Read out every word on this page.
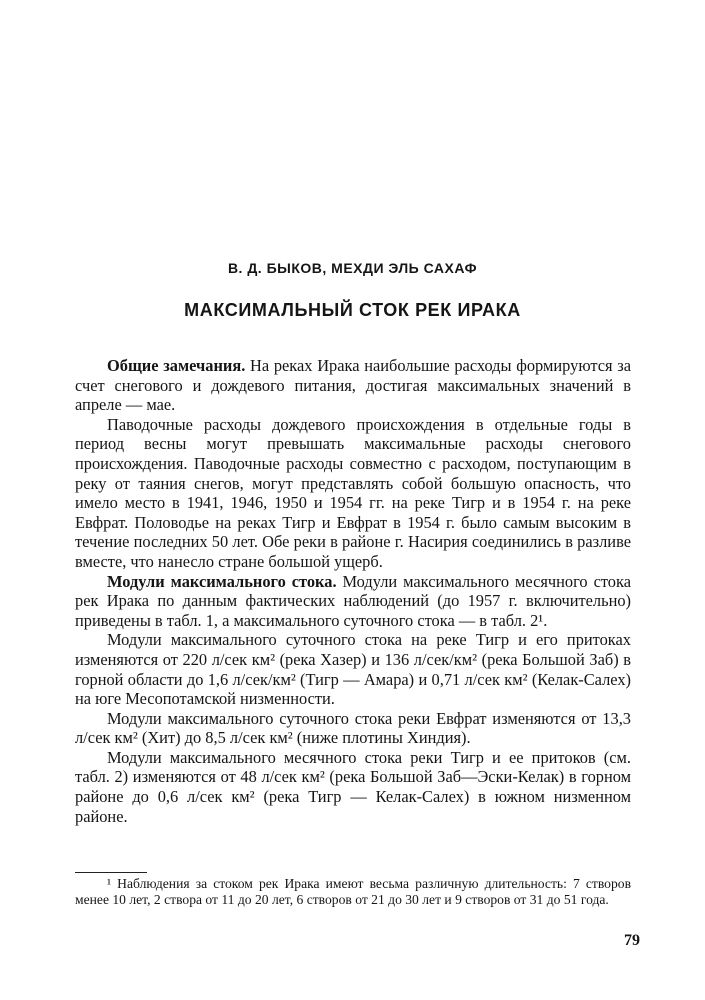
В. Д. БЫКОВ, МЕХДИ ЭЛЬ САХАФ
МАКСИМАЛЬНЫЙ СТОК РЕК ИРАКА

Общие замечания. На реках Ирака наибольшие расходы формируются за счет снегового и дождевого питания, достигая максимальных значений в апреле — мае.

Паводочные расходы дождевого происхождения в отдельные годы в период весны могут превышать максимальные расходы снегового происхождения. Паводочные расходы совместно с расходом, поступающим в реку от таяния снегов, могут представлять собой большую опасность, что имело место в 1941, 1946, 1950 и 1954 гг. на реке Тигр и в 1954 г. на реке Евфрат. Половодье на реках Тигр и Евфрат в 1954 г. было самым высоким в течение последних 50 лет. Обе реки в районе г. Насирия соединились в разливе вместе, что нанесло стране большой ущерб.

Модули максимального стока. Модули максимального месячного стока рек Ирака по данным фактических наблюдений (до 1957 г. включительно) приведены в табл. 1, а максимального суточного стока — в табл. 2¹.

Модули максимального суточного стока на реке Тигр и его притоках изменяются от 220 л/сек км² (река Хазер) и 136 л/сек/км² (река Большой Заб) в горной области до 1,6 л/сек/км² (Тигр — Амара) и 0,71 л/сек км² (Келак-Салех) на юге Месопотамской низменности.

Модули максимального суточного стока реки Евфрат изменяются от 13,3 л/сек км² (Хит) до 8,5 л/сек км² (ниже плотины Хиндия).

Модули максимального месячного стока реки Тигр и ее притоков (см. табл. 2) изменяются от 48 л/сек км² (река Большой Заб—Эски-Келак) в горном районе до 0,6 л/сек км² (река Тигр — Келак-Салех) в южном низменном районе.

¹ Наблюдения за стоком рек Ирака имеют весьма различную длительность: 7 створов менее 10 лет, 2 створа от 11 до 20 лет, 6 створов от 21 до 30 лет и 9 створов от 31 до 51 года.
79
